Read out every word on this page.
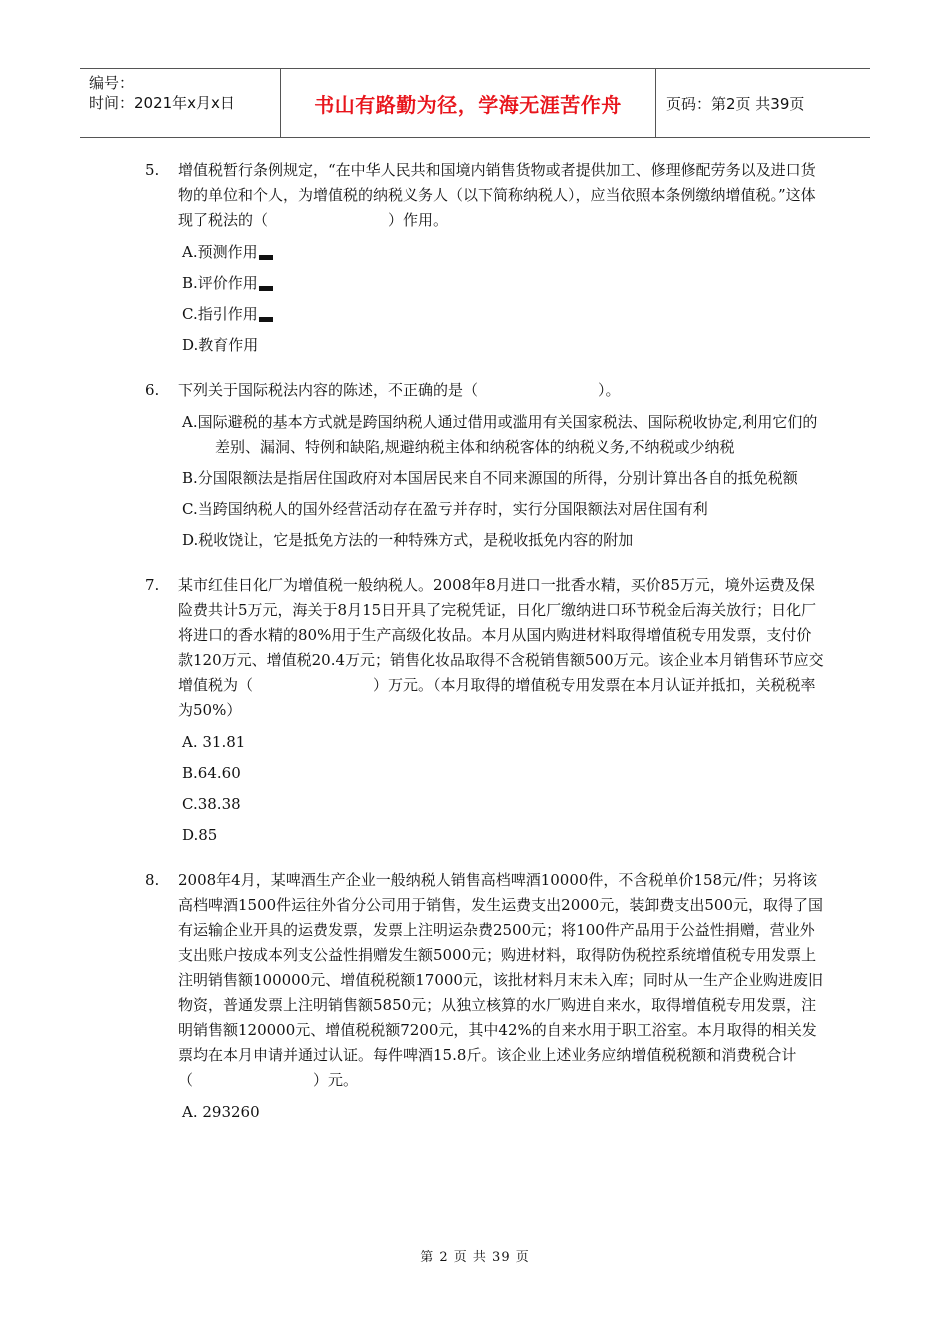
编号：
时间：2021年x月x日	书山有路勤为径，学海无涯苦作舟	页码：第2页 共39页
5.	增值税暂行条例规定，“在中华人民共和国境内销售货物或者提供加工、修理修配劳务以及进口货物的单位和个人，为增值税的纳税义务人（以下简称纳税人），应当依照本条例缴纳增值税。”这体现了税法的（　　　　　　　　）作用。
A.预测作用
B.评价作用
C.指引作用
D.教育作用
6.	下列关于国际税法内容的陈述，不正确的是（　　　　　　　　）。
A.国际避税的基本方式就是跨国纳税人通过借用或滥用有关国家税法、国际税收协定,利用它们的差别、漏洞、特例和缺陷,规避纳税主体和纳税客体的纳税义务,不纳税或少纳税
B.分国限额法是指居住国政府对本国居民来自不同来源国的所得，分别计算出各自的抵免税额
C.当跨国纳税人的国外经营活动存在盈亏并存时，实行分国限额法对居住国有利
D.税收饶让，它是抵免方法的一种特殊方式，是税收抵免内容的附加
7.	某市红佳日化厂为增值税一般纳税人。2008年8月进口一批香水精，买价85万元，境外运费及保险费共计5万元，海关于8月15日开具了完税凭证，日化厂缴纳进口环节税金后海关放行；日化厂将进口的香水精的80%用于生产高级化妆品。本月从国内购进材料取得增值税专用发票，支付价款120万元、增值税20.4万元；销售化妆品取得不含税销售额500万元。该企业本月销售环节应交增值税为（　　　　　　　　）万元。（本月取得的增值税专用发票在本月认证并抵扣，关税税率为50%）
A. 31.81
B.64.60
C.38.38
D.85
8.	2008年4月，某啤酒生产企业一般纳税人销售高档啤酒10000件，不含税单价158元/件；另将该高档啤酒1500件运往外省分公司用于销售，发生运费支出2000元，装卸费支出500元，取得了国有运输企业开具的运费发票，发票上注明运杂费2500元；将100件产品用于公益性捐赠，营业外支出账户按成本列支公益性捐赠发生额5000元；购进材料，取得防伪税控系统增值税专用发票上注明销售额100000元、增值税税额17000元，该批材料月末未入库；同时从一生产企业购进废旧物资，普通发票上注明销售额5850元；从独立核算的水厂购进自来水，取得增值税专用发票，注明销售额120000元、增值税税额7200元，其中42%的自来水用于职工浴室。本月取得的相关发票均在本月申请并通过认证。每件啤酒15.8斤。该企业上述业务应纳增值税税额和消费税合计（　　　　　　　　）元。
A. 293260
第 2 页 共 39 页
